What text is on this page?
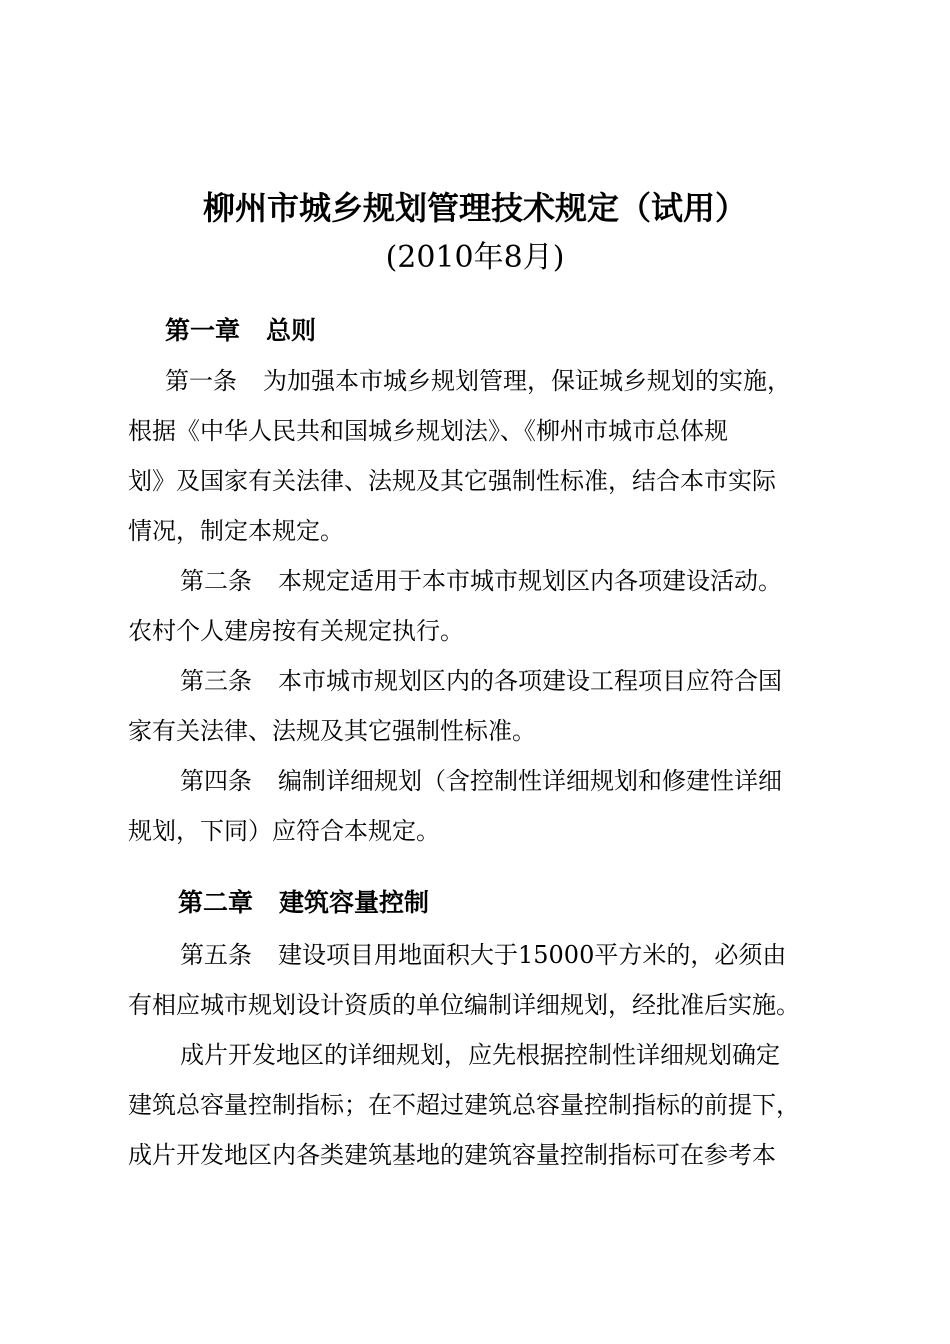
柳州市城乡规划管理技术规定（试用）
(2010年8月)
第一章 总则
第一条 为加强本市城乡规划管理，保证城乡规划的实施，
根据《中华人民共和国城乡规划法》、《柳州市城市总体规
划》及国家有关法律、法规及其它强制性标准，结合本市实际
情况，制定本规定。
第二条 本规定适用于本市城市规划区内各项建设活动。
农村个人建房按有关规定执行。
第三条 本市城市规划区内的各项建设工程项目应符合国
家有关法律、法规及其它强制性标准。
第四条 编制详细规划（含控制性详细规划和修建性详细
规划，下同）应符合本规定。
第二章 建筑容量控制
第五条 建设项目用地面积大于15000平方米的，必须由
有相应城市规划设计资质的单位编制详细规划，经批准后实施。
成片开发地区的详细规划，应先根据控制性详细规划确定
建筑总容量控制指标；在不超过建筑总容量控制指标的前提下，
成片开发地区内各类建筑基地的建筑容量控制指标可在参考本
